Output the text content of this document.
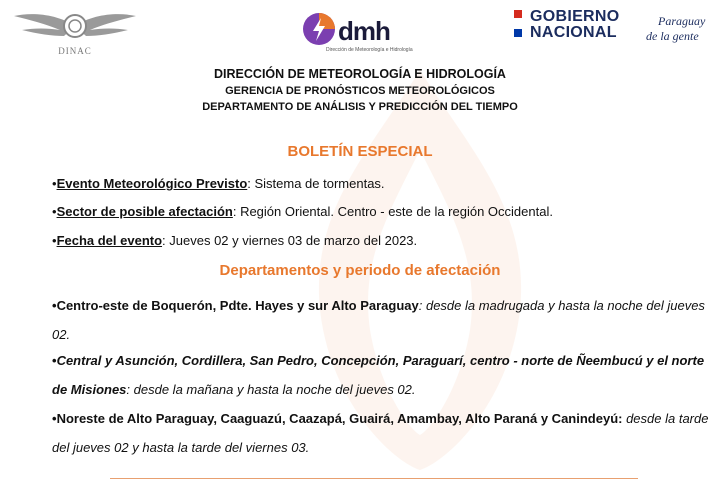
DINAC
dmh
Dirección de Meteorología e Hidrología
GOBIERNO
NACIONAL
Paraguay
de la gente
DIRECCIÓN DE METEOROLOGÍA E HIDROLOGÍA
GERENCIA DE PRONÓSTICOS METEOROLÓGICOS
DEPARTAMENTO DE ANÁLISIS Y PREDICCIÓN DEL TIEMPO
BOLETÍN ESPECIAL
•Evento Meteorológico Previsto: Sistema de tormentas.
•Sector de posible afectación: Región Oriental. Centro - este de la región Occidental.
•Fecha del evento: Jueves 02 y viernes 03 de marzo del 2023.
Departamentos y periodo de afectación
•Centro-este de Boquerón, Pdte. Hayes y sur Alto Paraguay: desde la madrugada y hasta la noche del jueves 02.
•Central y Asunción, Cordillera, San Pedro, Concepción, Paraguarí, centro - norte de Ñeembucú y el norte de Misiones: desde la mañana y hasta la noche del jueves 02.
•Noreste de Alto Paraguay, Caaguazú, Caazapá, Guairá, Amambay, Alto Paraná y Canindeyú: desde la tarde del jueves 02 y hasta la tarde del viernes 03.
